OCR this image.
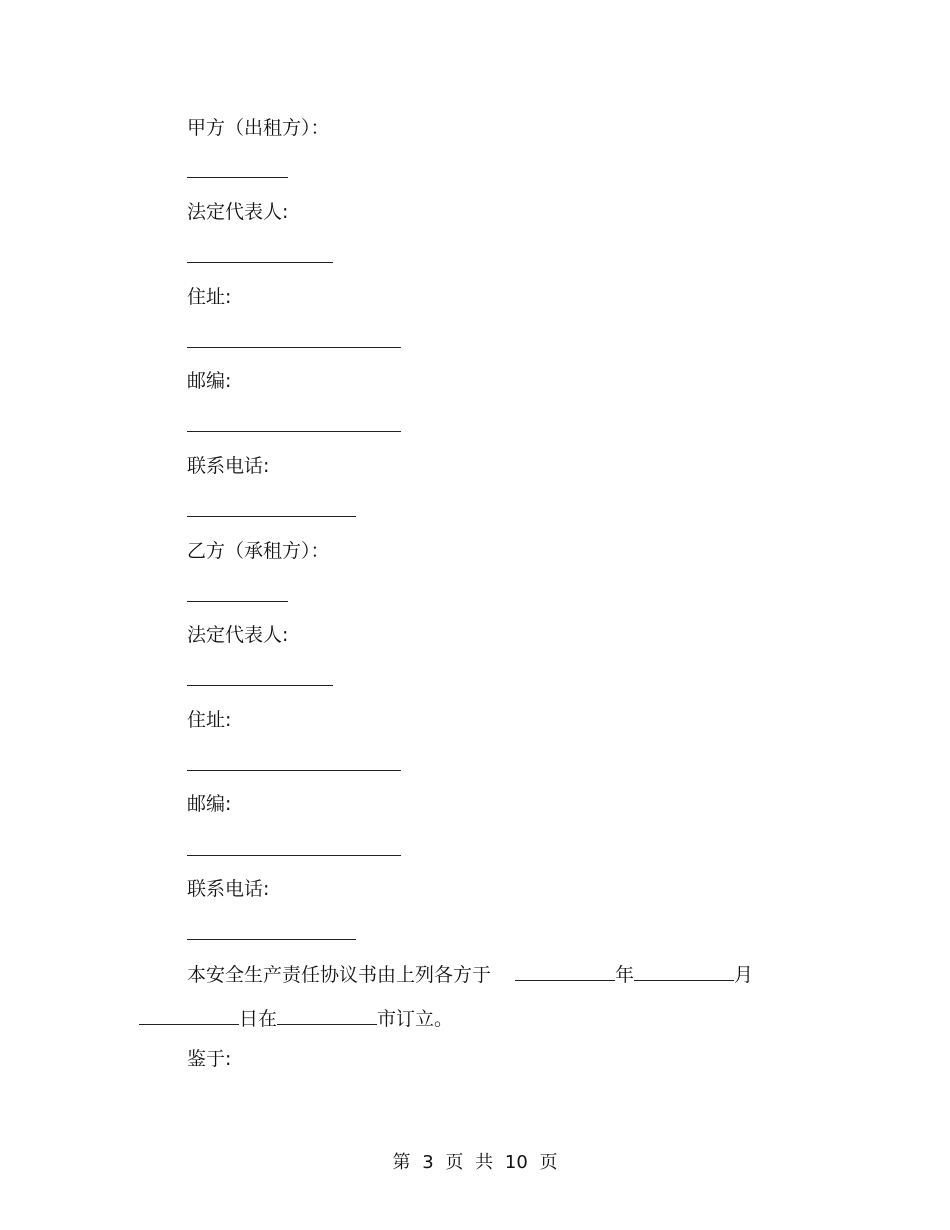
甲方（出租方）：
法定代表人:
住址:
邮编:
联系电话:
乙方（承租方）：
法定代表人:
住址:
邮编:
联系电话:
本安全生产责任协议书由上列各方于	年	月
日在	市订立。
鉴于:
第 3 页 共 10 页
